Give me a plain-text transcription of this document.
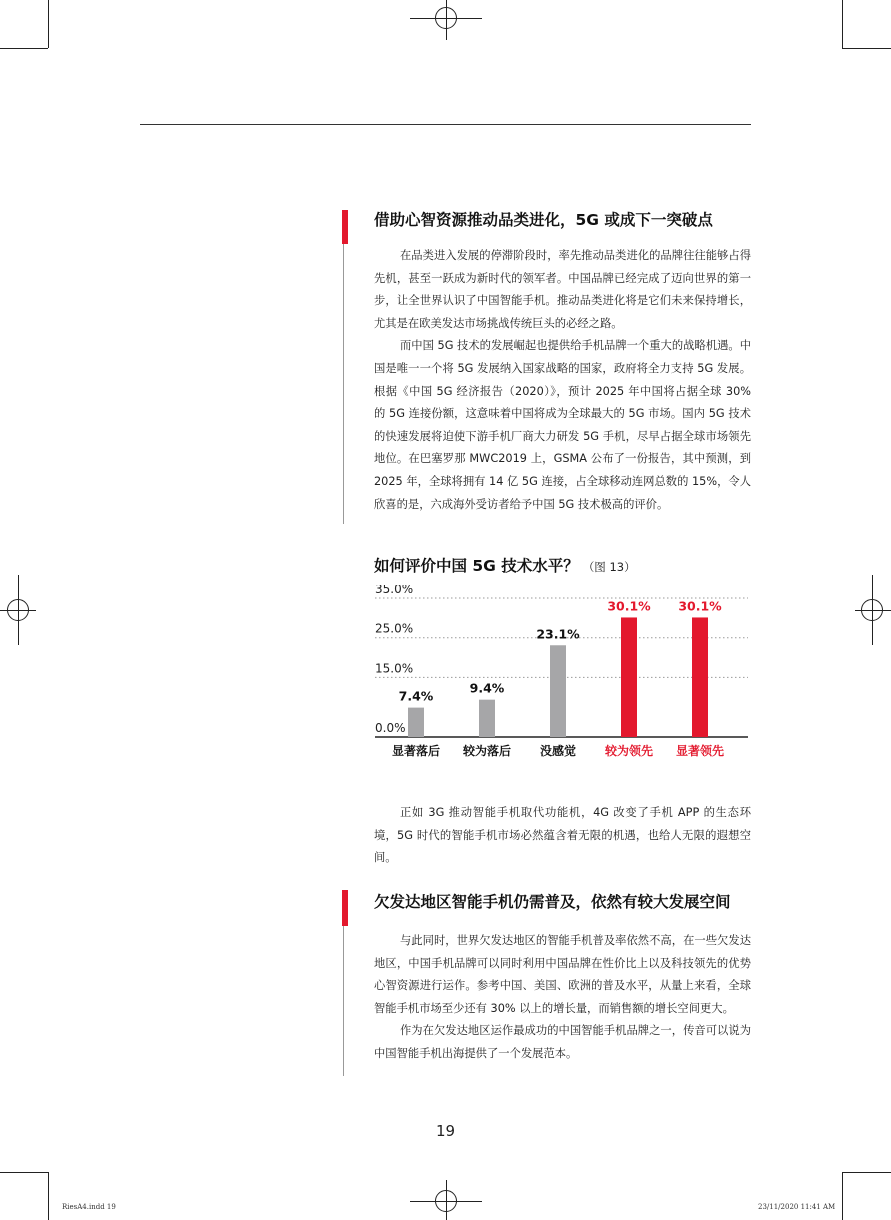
借助心智资源推动品类进化，5G 或成下一突破点

在品类进入发展的停滞阶段时，率先推动品类进化的品牌往往能够占得先机，甚至一跃成为新时代的领军者。中国品牌已经完成了迈向世界的第一步，让全世界认识了中国智能手机。推动品类进化将是它们未来保持增长，尤其是在欧美发达市场挑战传统巨头的必经之路。

而中国 5G 技术的发展崛起也提供给手机品牌一个重大的战略机遇。中国是唯一一个将 5G 发展纳入国家战略的国家，政府将全力支持 5G 发展。根据《中国 5G 经济报告（2020）》，预计 2025 年中国将占据全球 30% 的 5G 连接份额，这意味着中国将成为全球最大的 5G 市场。国内 5G 技术的快速发展将迫使下游手机厂商大力研发 5G 手机，尽早占据全球市场领先地位。在巴塞罗那 MWC2019 上，GSMA 公布了一份报告，其中预测，到 2025 年，全球将拥有 14 亿 5G 连接，占全球移动连网总数的 15%，令人欣喜的是，六成海外受访者给予中国 5G 技术极高的评价。

如何评价中国 5G 技术水平？ （图 13）
0.0%
15.0%
25.0%
35.0%
7.4%
显著落后
9.4%
较为落后
23.1%
没感觉
30.1%
较为领先
30.1%
显著领先

正如 3G 推动智能手机取代功能机，4G 改变了手机 APP 的生态环境，5G 时代的智能手机市场必然蕴含着无限的机遇，也给人无限的遐想空间。

欠发达地区智能手机仍需普及，依然有较大发展空间

与此同时，世界欠发达地区的智能手机普及率依然不高，在一些欠发达地区，中国手机品牌可以同时利用中国品牌在性价比上以及科技领先的优势心智资源进行运作。参考中国、美国、欧洲的普及水平，从量上来看，全球智能手机市场至少还有 30% 以上的增长量，而销售额的增长空间更大。

作为在欠发达地区运作最成功的中国智能手机品牌之一，传音可以说为中国智能手机出海提供了一个发展范本。

19
RiesA4.indd 19	23/11/2020 11:41 AM
